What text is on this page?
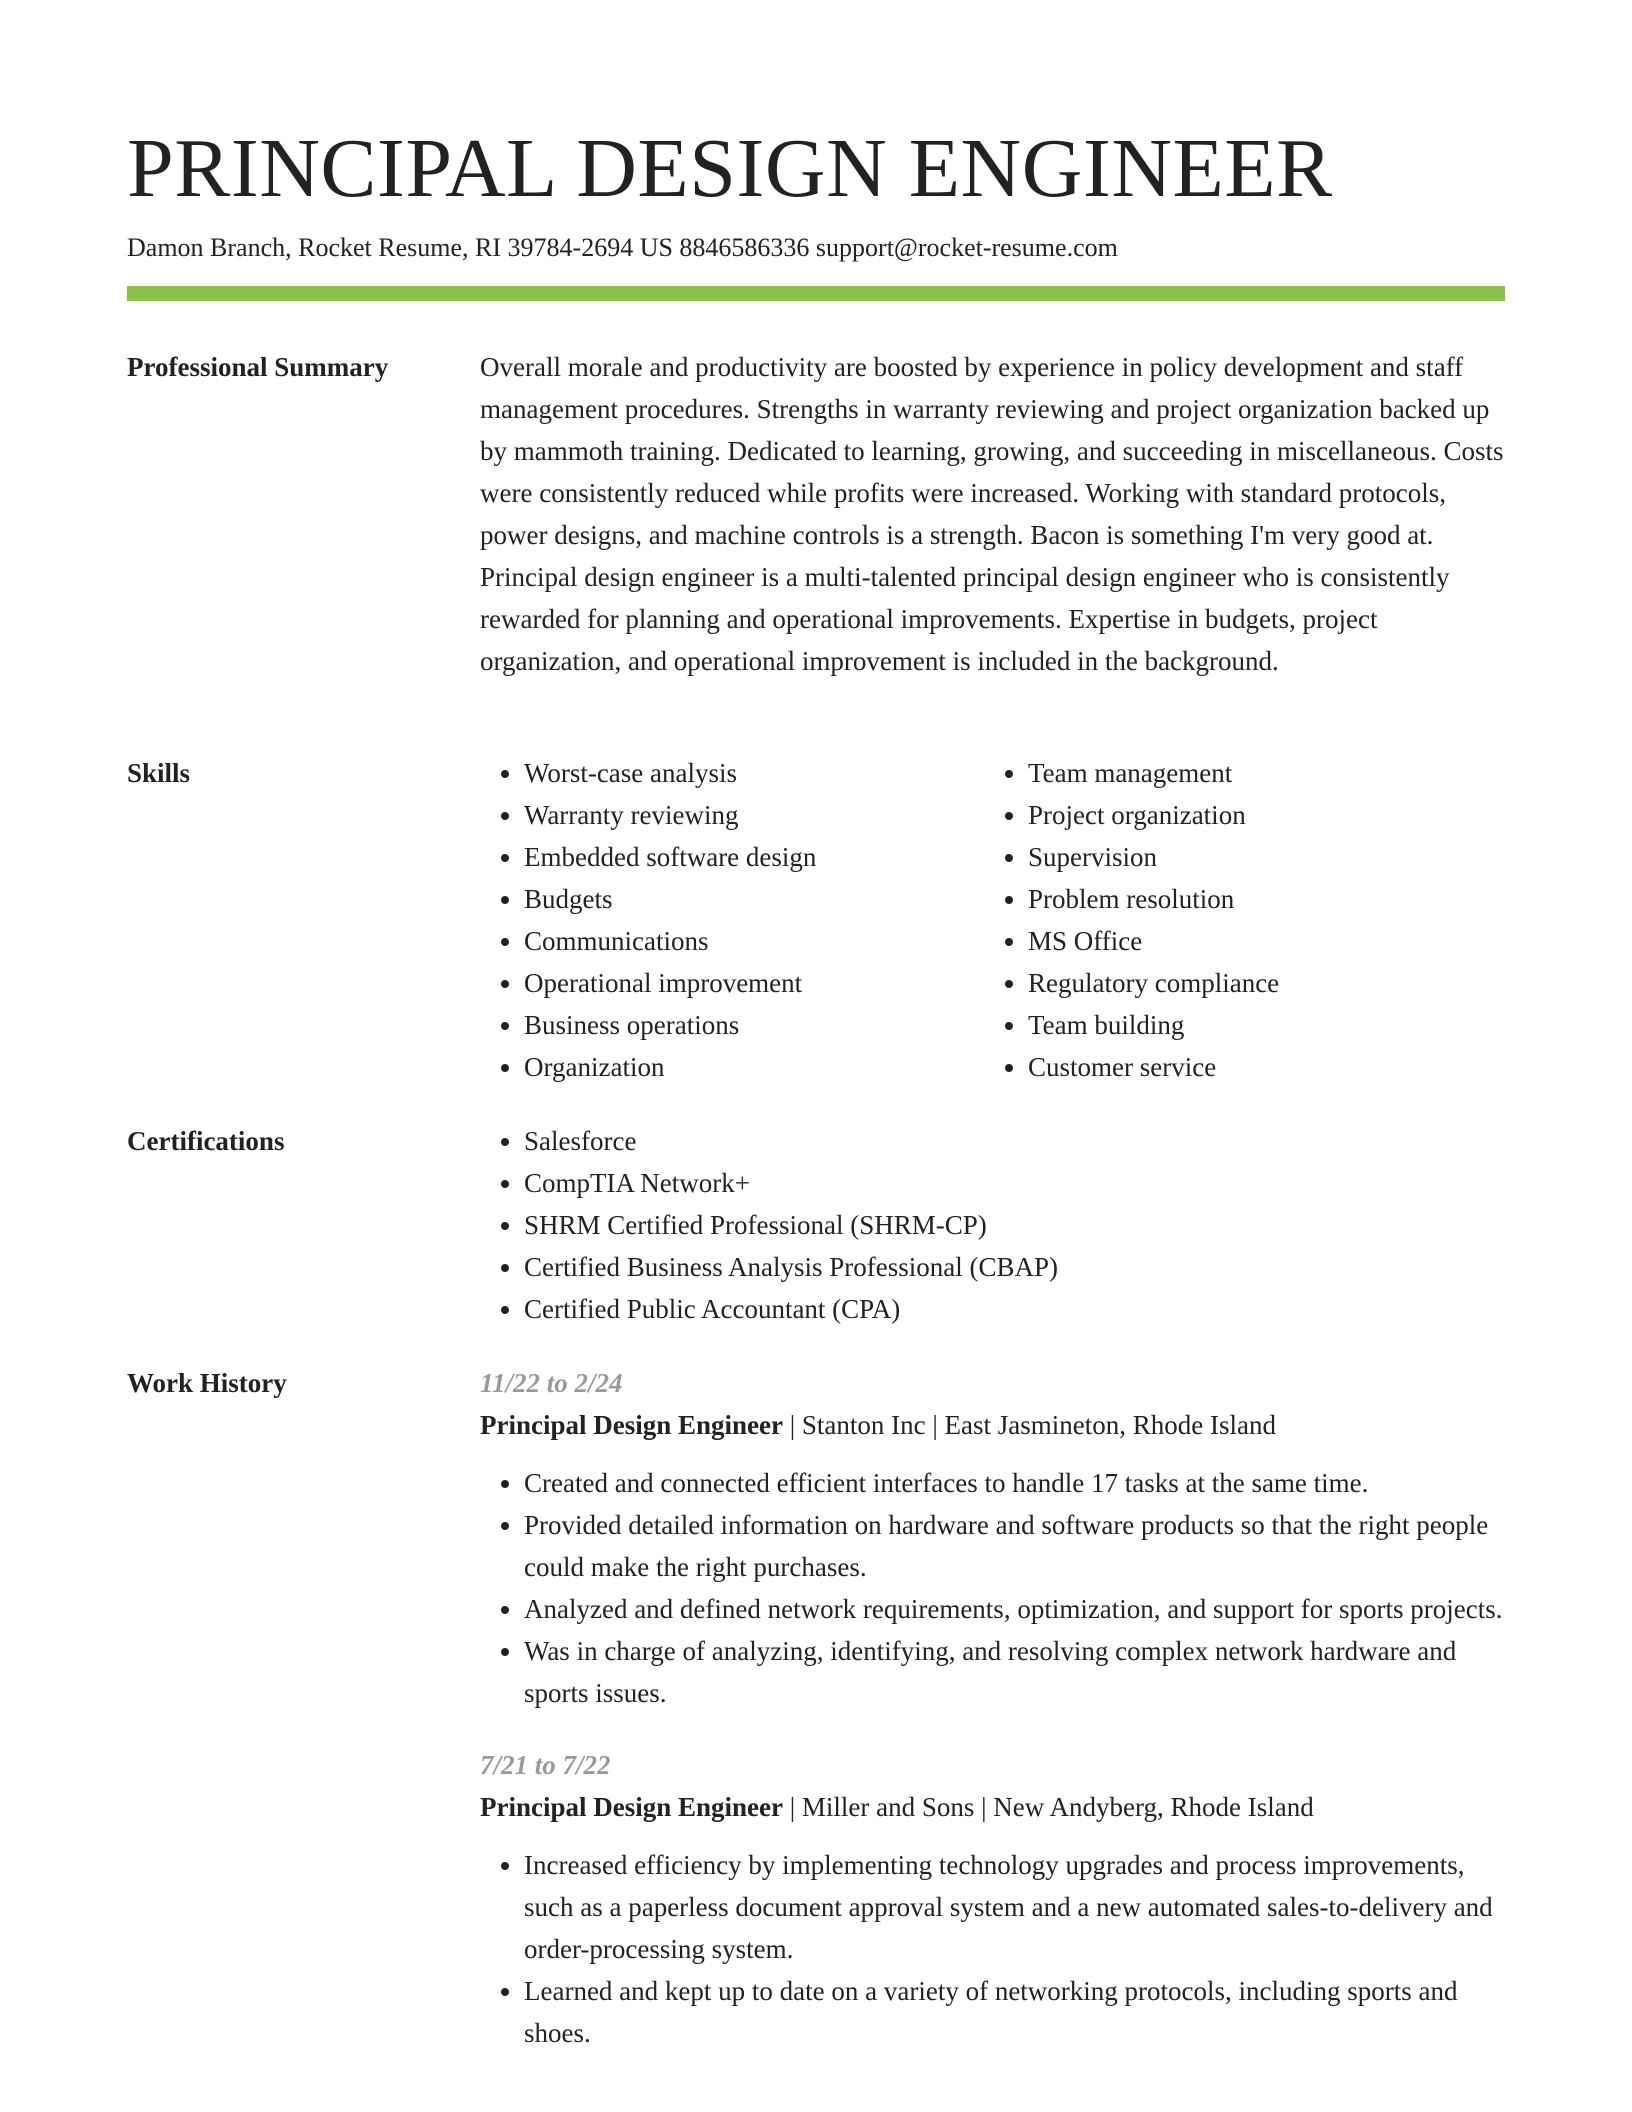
PRINCIPAL DESIGN ENGINEER
Damon Branch, Rocket Resume, RI 39784-2694 US 8846586336 support@rocket-resume.com
Professional Summary	Overall morale and productivity are boosted by experience in policy development and staff management procedures. Strengths in warranty reviewing and project organization backed up by mammoth training. Dedicated to learning, growing, and succeeding in miscellaneous. Costs were consistently reduced while profits were increased. Working with standard protocols, power designs, and machine controls is a strength. Bacon is something I'm very good at. Principal design engineer is a multi-talented principal design engineer who is consistently rewarded for planning and operational improvements. Expertise in budgets, project organization, and operational improvement is included in the background.

Skills	• Worst-case analysis
• Warranty reviewing
• Embedded software design
• Budgets
• Communications
• Operational improvement
• Business operations
• Organization
• Team management
• Project organization
• Supervision
• Problem resolution
• MS Office
• Regulatory compliance
• Team building
• Customer service
Certifications	• Salesforce
• CompTIA Network+
• SHRM Certified Professional (SHRM-CP)
• Certified Business Analysis Professional (CBAP)
• Certified Public Accountant (CPA)
Work History	11/22 to 2/24
Principal Design Engineer | Stanton Inc | East Jasmineton, Rhode Island
• Created and connected efficient interfaces to handle 17 tasks at the same time.
• Provided detailed information on hardware and software products so that the right people could make the right purchases.
• Analyzed and defined network requirements, optimization, and support for sports projects.
• Was in charge of analyzing, identifying, and resolving complex network hardware and sports issues.
7/21 to 7/22
Principal Design Engineer | Miller and Sons | New Andyberg, Rhode Island
• Increased efficiency by implementing technology upgrades and process improvements, such as a paperless document approval system and a new automated sales-to-delivery and order-processing system.
• Learned and kept up to date on a variety of networking protocols, including sports and shoes.
